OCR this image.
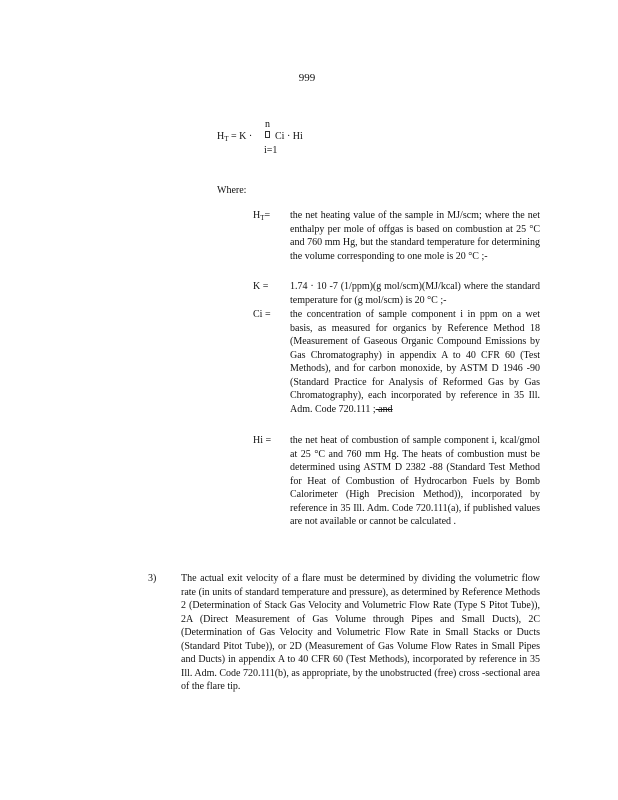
999
n
$H_T = K \cdot Ci \cdot Hi$
i=1
Where:
$H_T=$ the net heating value of the sample in MJ/scm; where the net enthalpy per mole of offgas is based on combustion at 25 °C and 760 mm Hg, but the standard temperature for determining the volume corresponding to one mole is 20 °C ;-
K = 1.74 · 10 -7 (1/ppm)(g mol/scm)(MJ/kcal) where the standard temperature for (g mol/scm) is 20 °C ;-
Ci = the concentration of sample component i in ppm on a wet basis, as measured for organics by Reference Method 18 (Measurement of Gaseous Organic Compound Emissions by Gas Chromatography) in appendix A to 40 CFR 60 (Test Methods), and for carbon monoxide, by ASTM D 1946 -90 (Standard Practice for Analysis of Reformed Gas by Gas Chromatography), each incorporated by reference in 35 Ill. Adm. Code 720.111 ; and
Hi = the net heat of combustion of sample component i, kcal/gmol at 25 °C and 760 mm Hg. The heats of combustion must be determined using ASTM D 2382 -88 (Standard Test Method for Heat of Combustion of Hydrocarbon Fuels by Bomb Calorimeter (High Precision Method)), incorporated by reference in 35 Ill. Adm. Code 720.111(a), if published values are not available or cannot be calculated .
3) The actual exit velocity of a flare must be determined by dividing the volumetric flow rate (in units of standard temperature and pressure), as determined by Reference Methods 2 (Determination of Stack Gas Velocity and Volumetric Flow Rate (Type S Pitot Tube)), 2A (Direct Measurement of Gas Volume through Pipes and Small Ducts), 2C (Determination of Gas Velocity and Volumetric Flow Rate in Small Stacks or Ducts (Standard Pitot Tube)), or 2D (Measurement of Gas Volume Flow Rates in Small Pipes and Ducts) in appendix A to 40 CFR 60 (Test Methods), incorporated by reference in 35 Ill. Adm. Code 720.111(b), as appropriate, by the unobstructed (free) cross -sectional area of the flare tip.
